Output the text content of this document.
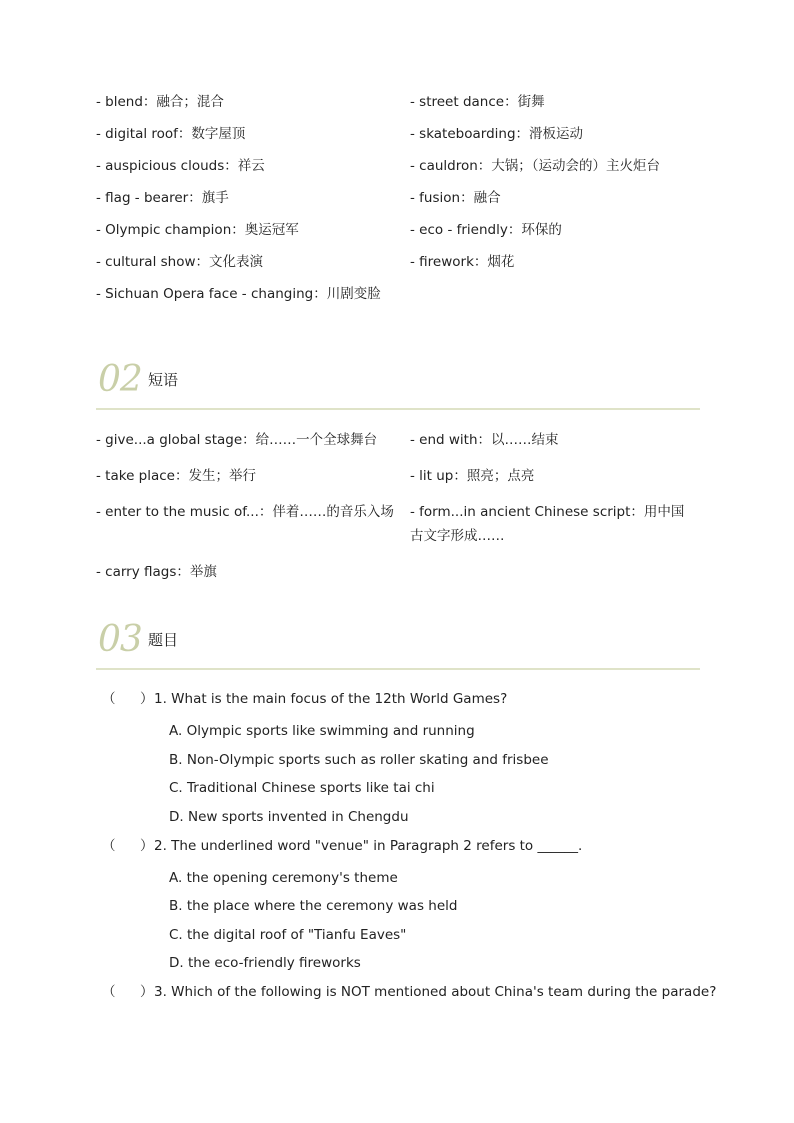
- blend：融合；混合	- street dance：街舞
- digital roof：数字屋顶	- skateboarding：滑板运动
- auspicious clouds：祥云	- cauldron：大锅；（运动会的）主火炬台
- flag - bearer：旗手	- fusion：融合
- Olympic champion：奥运冠军	- eco - friendly：环保的
- cultural show：文化表演	- firework：烟花
- Sichuan Opera face - changing：川剧变脸
02 短语
- give...a global stage：给……一个全球舞台	- end with：以……结束
- take place：发生；举行	- lit up：照亮；点亮
- enter to the music of...：伴着……的音乐入场	- form...in ancient Chinese script：用中国古文字形成……
- carry flags：举旗
03 题目
（ ） 1. What is the main focus of the 12th World Games?
A. Olympic sports like swimming and running
B. Non-Olympic sports such as roller skating and frisbee
C. Traditional Chinese sports like tai chi
D. New sports invented in Chengdu
（ ） 2. The underlined word "venue" in Paragraph 2 refers to ______.
A. the opening ceremony's theme
B. the place where the ceremony was held
C. the digital roof of "Tianfu Eaves"
D. the eco-friendly fireworks
（ ） 3. Which of the following is NOT mentioned about China's team during the parade?
